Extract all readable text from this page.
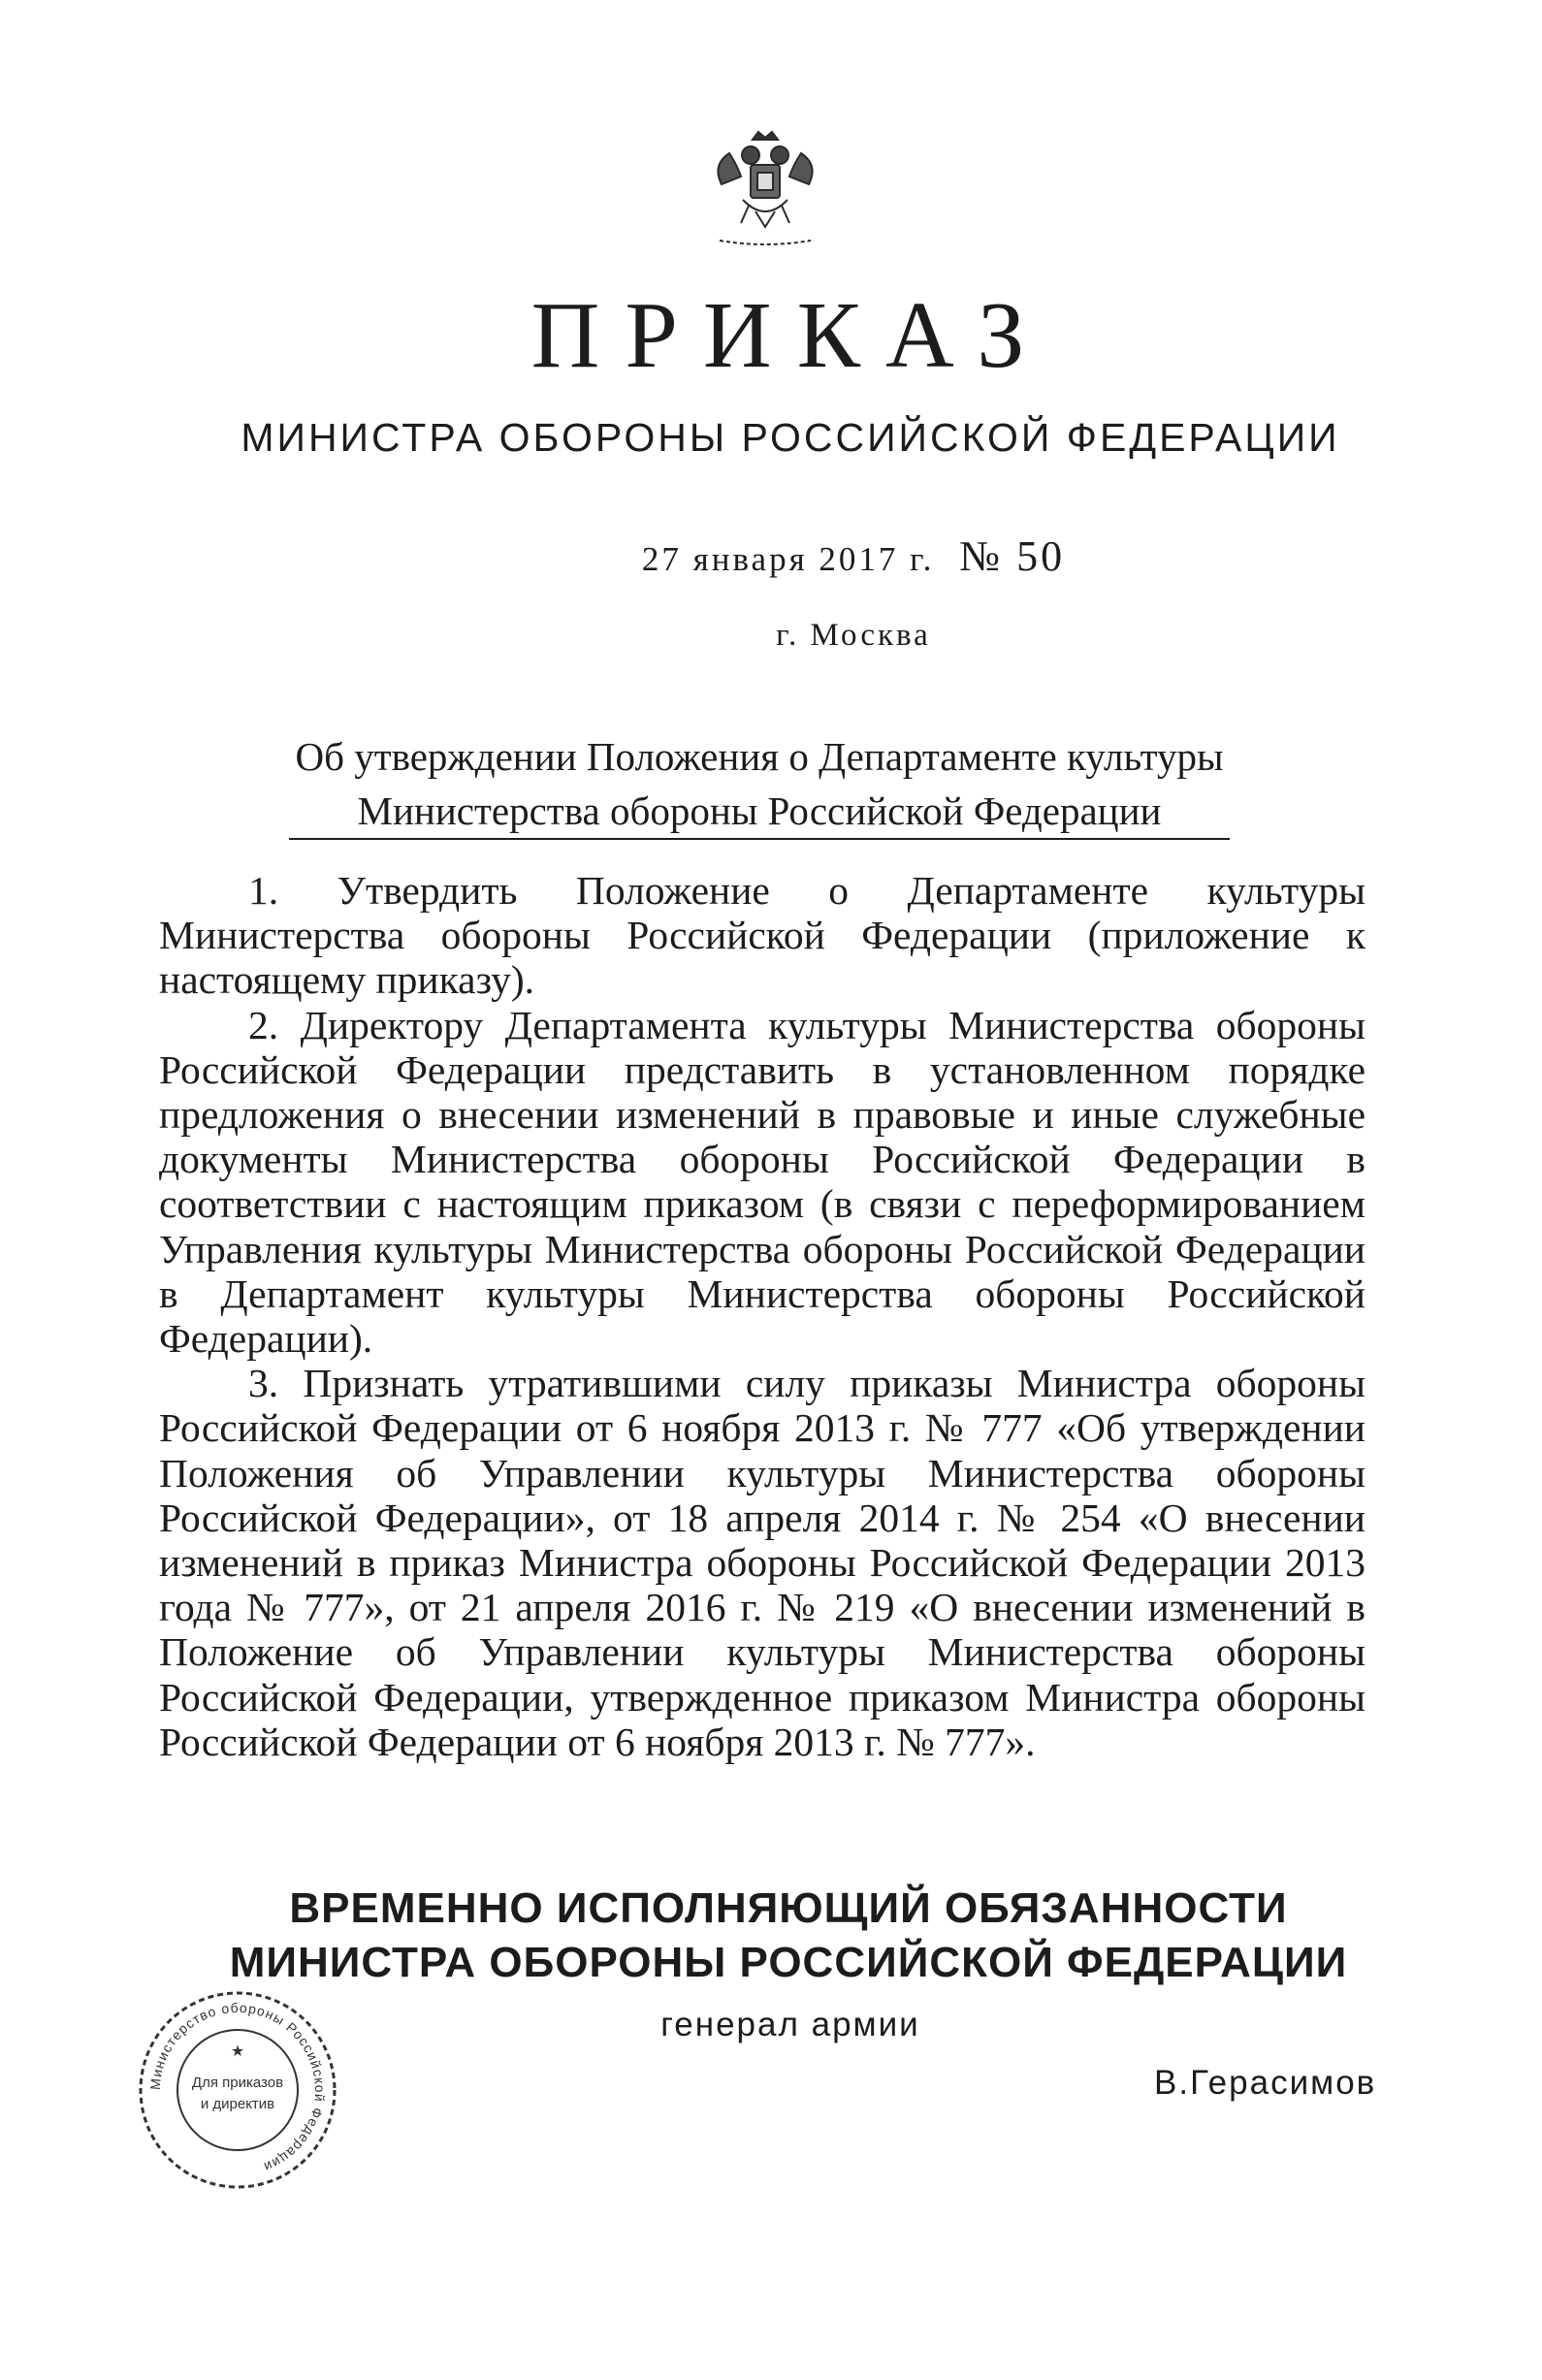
ПРИКАЗ
МИНИСТРА ОБОРОНЫ РОССИЙСКОЙ ФЕДЕРАЦИИ
27 января 2017 г. № 50
г. Москва
Об утверждении Положения о Департаменте культуры
Министерства обороны Российской Федерации

1. Утвердить Положение о Департаменте культуры Министерства обороны Российской Федерации (приложение к настоящему приказу).

2. Директору Департамента культуры Министерства обороны Российской Федерации представить в установленном порядке предложения о внесении изменений в правовые и иные служебные документы Министерства обороны Российской Федерации в соответствии с настоящим приказом (в связи с переформированием Управления культуры Министерства обороны Российской Федерации в Департамент культуры Министерства обороны Российской Федерации).

3. Признать утратившими силу приказы Министра обороны Российской Федерации от 6 ноября 2013 г. № 777 «Об утверждении Положения об Управлении культуры Министерства обороны Российской Федерации», от 18 апреля 2014 г. № 254 «О внесении изменений в приказ Министра обороны Российской Федерации 2013 года № 777», от 21 апреля 2016 г. № 219 «О внесении изменений в Положение об Управлении культуры Министерства обороны Российской Федерации, утвержденное приказом Министра обороны Российской Федерации от 6 ноября 2013 г. № 777».

ВРЕМЕННО ИСПОЛНЯЮЩИЙ ОБЯЗАННОСТИ
МИНИСТРА ОБОРОНЫ РОССИЙСКОЙ ФЕДЕРАЦИИ
генерал армии
В.Герасимов
Министерство обороны Российской Федерации
★
Для приказов
и директив
